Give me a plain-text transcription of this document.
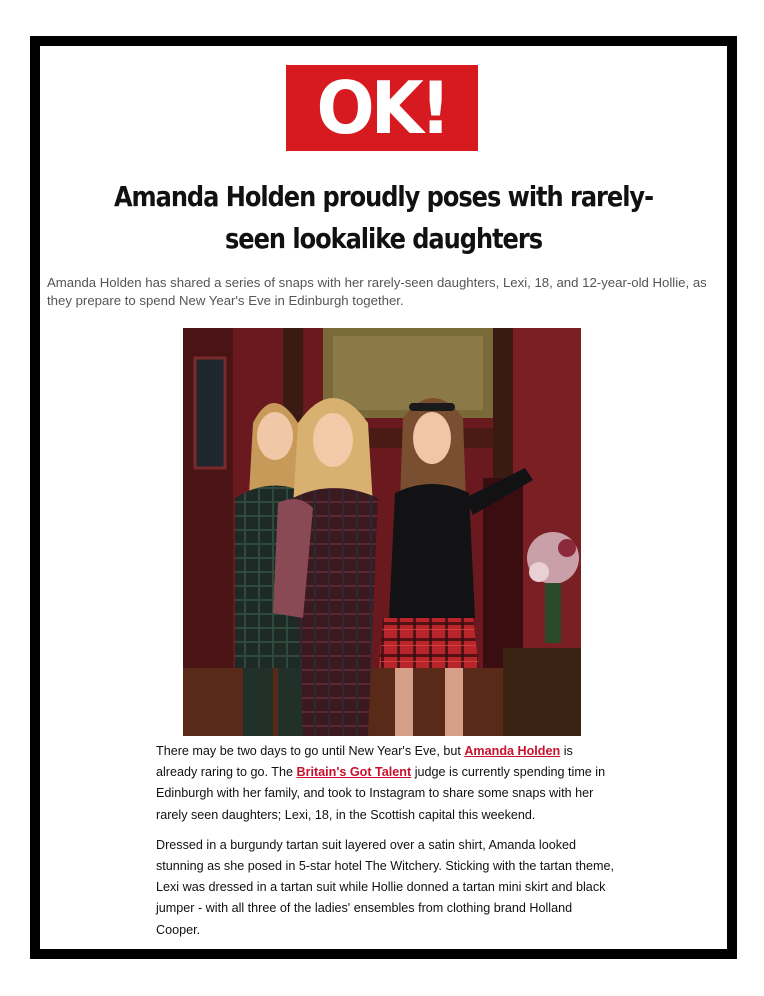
OK!
Amanda Holden proudly poses with rarely-seen lookalike daughters

Amanda Holden has shared a series of snaps with her rarely-seen daughters, Lexi, 18, and 12-year-old Hollie, as they prepare to spend New Year's Eve in Edinburgh together.

There may be two days to go until New Year's Eve, but Amanda Holden is already raring to go. The Britain's Got Talent judge is currently spending time in Edinburgh with her family, and took to Instagram to share some snaps with her rarely seen daughters; Lexi, 18, in the Scottish capital this weekend.

Dressed in a burgundy tartan suit layered over a satin shirt, Amanda looked stunning as she posed in 5-star hotel The Witchery. Sticking with the tartan theme, Lexi was dressed in a tartan suit while Hollie donned a tartan mini skirt and black jumper - with all three of the ladies' ensembles from clothing brand Holland Cooper.
